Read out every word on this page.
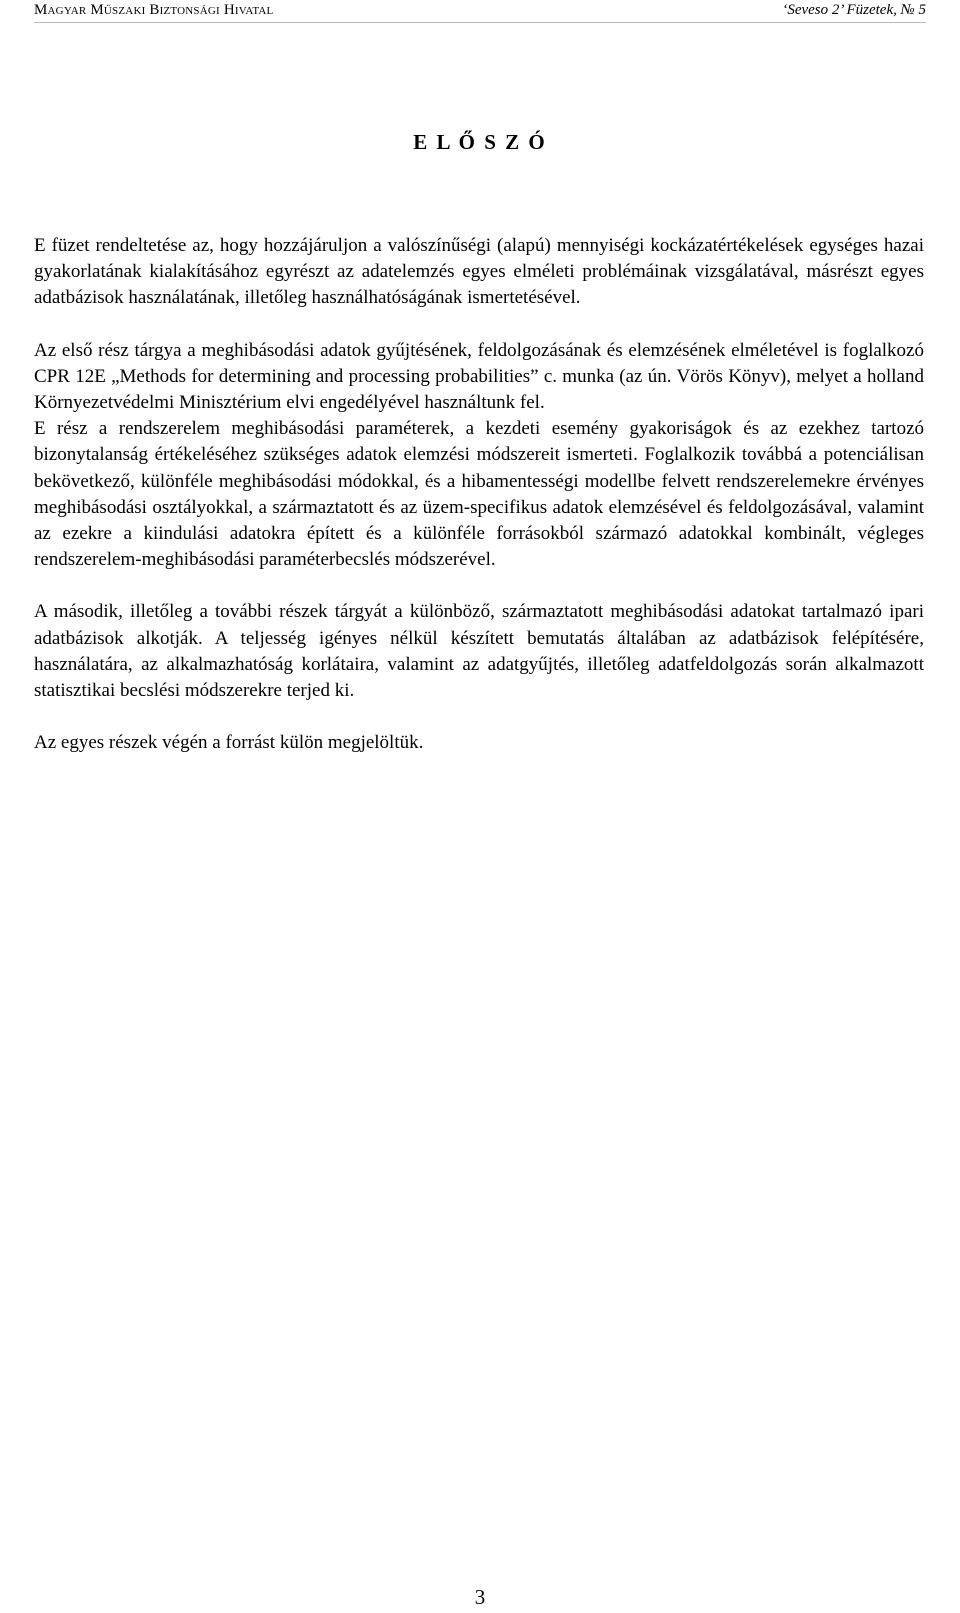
Magyar Műszaki Biztonsági Hivatal	‘Seveso 2’ Füzetek, № 5
E L Ő S Z Ó

E füzet rendeltetése az, hogy hozzájáruljon a valószínűségi (alapú) mennyiségi kockázatértékelések egységes hazai gyakorlatának kialakításához egyrészt az adatelemzés egyes elméleti problémáinak vizsgálatával, másrészt egyes adatbázisok használatának, illetőleg használhatóságának ismertetésével.

Az első rész tárgya a meghibásodási adatok gyűjtésének, feldolgozásának és elemzésének elméletével is foglalkozó CPR 12E „Methods for determining and processing probabilities” c. munka (az ún. Vörös Könyv), melyet a holland Környezetvédelmi Minisztérium elvi engedélyével használtunk fel.

E rész a rendszerelem meghibásodási paraméterek, a kezdeti esemény gyakoriságok és az ezekhez tartozó bizonytalanság értékeléséhez szükséges adatok elemzési módszereit ismerteti. Foglalkozik továbbá a potenciálisan bekövetkező, különféle meghibásodási módokkal, és a hibamentességi modellbe felvett rendszerelemekre érvényes meghibásodási osztályokkal, a származtatott és az üzem-specifikus adatok elemzésével és feldolgozásával, valamint az ezekre a kiindulási adatokra épített és a különféle forrásokból származó adatokkal kombinált, végleges rendszerelem-meghibásodási paraméterbecslés módszerével.

A második, illetőleg a további részek tárgyát a különböző, származtatott meghibásodási adatokat tartalmazó ipari adatbázisok alkotják. A teljesség igényes nélkül készített bemutatás általában az adatbázisok felépítésére, használatára, az alkalmazhatóság korlátaira, valamint az adatgyűjtés, illetőleg adatfeldolgozás során alkalmazott statisztikai becslési módszerekre terjed ki.

Az egyes részek végén a forrást külön megjelöltük.

3
